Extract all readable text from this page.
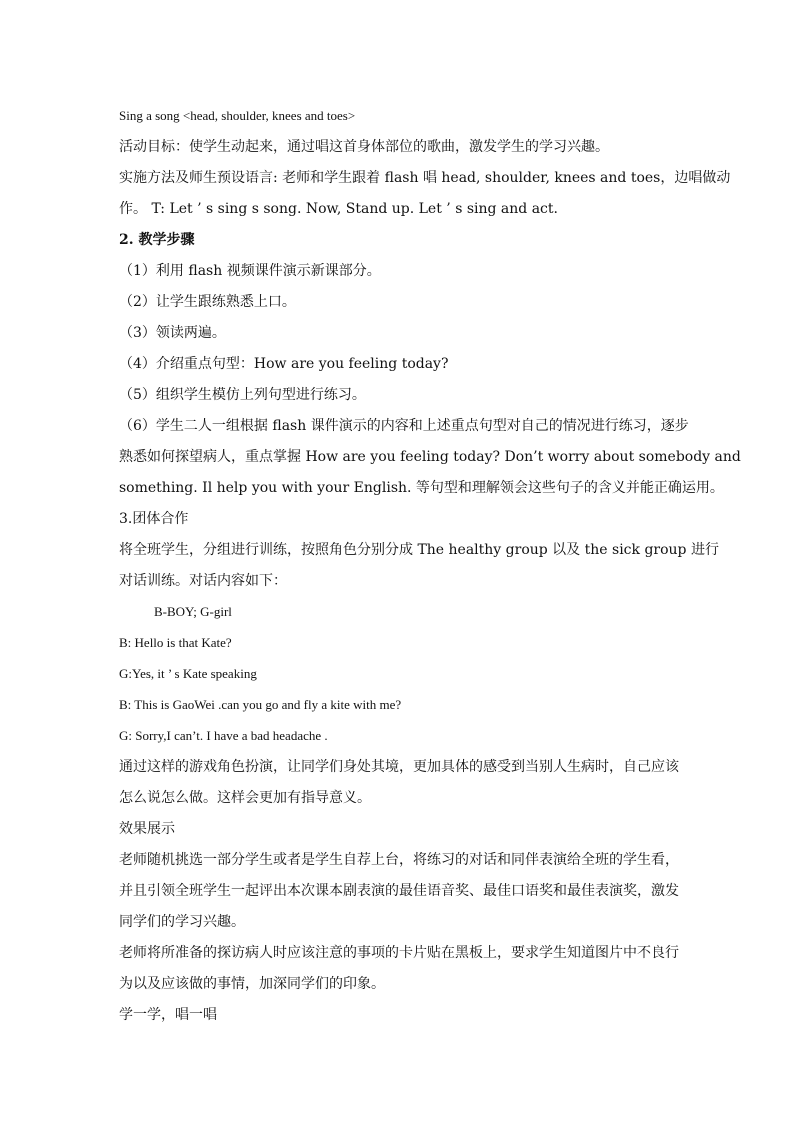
Sing a song <head, shoulder, knees and toes>
活动目标：使学生动起来，通过唱这首身体部位的歌曲，激发学生的学习兴趣。
实施方法及师生预设语言: 老师和学生跟着 flash 唱 head, shoulder, knees and toes，边唱做动
作。 T: Let ’ s sing s song. Now, Stand up. Let ’ s sing and act.
2. 教学步骤
（1）利用 flash 视频课件演示新课部分。
（2）让学生跟练熟悉上口。
（3）领读两遍。
（4）介绍重点句型：How are you feeling today?
（5）组织学生模仿上列句型进行练习。
（6）学生二人一组根据 flash 课件演示的内容和上述重点句型对自己的情况进行练习，逐步
熟悉如何探望病人，重点掌握 How are you feeling today? Don’t worry about somebody and
something. Il help you with your English. 等句型和理解领会这些句子的含义并能正确运用。
3.团体合作
将全班学生，分组进行训练，按照角色分别分成 The healthy group 以及 the sick group 进行
对话训练。对话内容如下：
B-BOY; G-girl
B: Hello is that Kate?
G:Yes, it ’ s Kate speaking
B: This is GaoWei .can you go and fly a kite with me?
G: Sorry,I can’t. I have a bad headache .
通过这样的游戏角色扮演，让同学们身处其境，更加具体的感受到当别人生病时，自己应该
怎么说怎么做。这样会更加有指导意义。
效果展示
老师随机挑选一部分学生或者是学生自荐上台，将练习的对话和同伴表演给全班的学生看，
并且引领全班学生一起评出本次课本剧表演的最佳语音奖、最佳口语奖和最佳表演奖，激发
同学们的学习兴趣。
老师将所准备的探访病人时应该注意的事项的卡片贴在黑板上，要求学生知道图片中不良行
为以及应该做的事情，加深同学们的印象。
学一学，唱一唱
